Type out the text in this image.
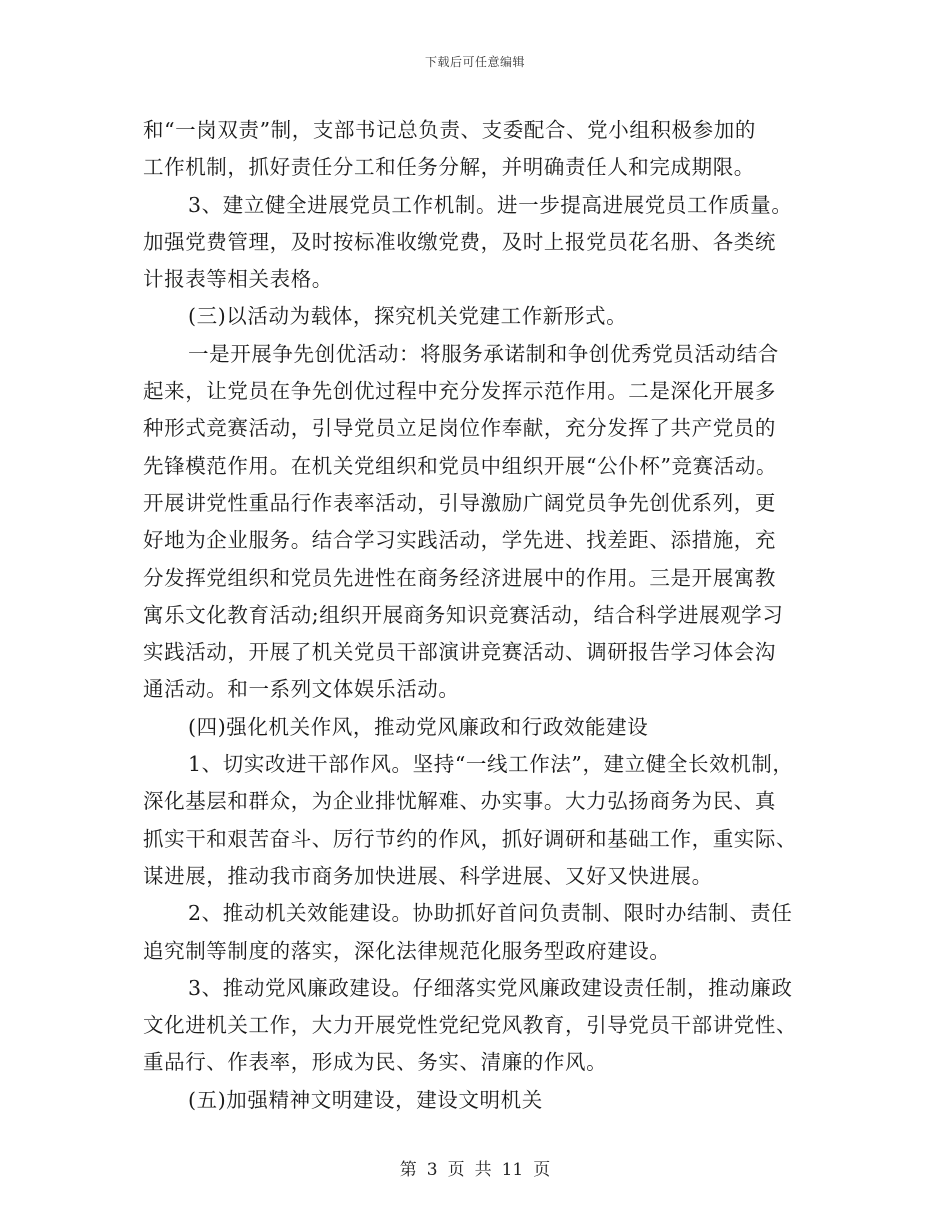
下载后可任意编辑
和“一岗双责”制，支部书记总负责、支委配合、党小组积极参加的
工作机制，抓好责任分工和任务分解，并明确责任人和完成期限。
3、建立健全进展党员工作机制。进一步提高进展党员工作质量。
加强党费管理，及时按标准收缴党费，及时上报党员花名册、各类统
计报表等相关表格。
(三)以活动为载体，探究机关党建工作新形式。
一是开展争先创优活动：将服务承诺制和争创优秀党员活动结合
起来，让党员在争先创优过程中充分发挥示范作用。二是深化开展多
种形式竞赛活动，引导党员立足岗位作奉献，充分发挥了共产党员的
先锋模范作用。在机关党组织和党员中组织开展“公仆杯”竞赛活动。
开展讲党性重品行作表率活动，引导激励广阔党员争先创优系列，更
好地为企业服务。结合学习实践活动，学先进、找差距、添措施，充
分发挥党组织和党员先进性在商务经济进展中的作用。三是开展寓教
寓乐文化教育活动;组织开展商务知识竞赛活动，结合科学进展观学习
实践活动，开展了机关党员干部演讲竞赛活动、调研报告学习体会沟
通活动。和一系列文体娱乐活动。
(四)强化机关作风，推动党风廉政和行政效能建设
1、切实改进干部作风。坚持“一线工作法”，建立健全长效机制，
深化基层和群众，为企业排忧解难、办实事。大力弘扬商务为民、真
抓实干和艰苦奋斗、厉行节约的作风，抓好调研和基础工作，重实际、
谋进展，推动我市商务加快进展、科学进展、又好又快进展。
2、推动机关效能建设。协助抓好首问负责制、限时办结制、责任
追究制等制度的落实，深化法律规范化服务型政府建设。
3、推动党风廉政建设。仔细落实党风廉政建设责任制，推动廉政
文化进机关工作，大力开展党性党纪党风教育，引导党员干部讲党性、
重品行、作表率，形成为民、务实、清廉的作风。
(五)加强精神文明建设，建设文明机关
第 3 页 共 11 页
